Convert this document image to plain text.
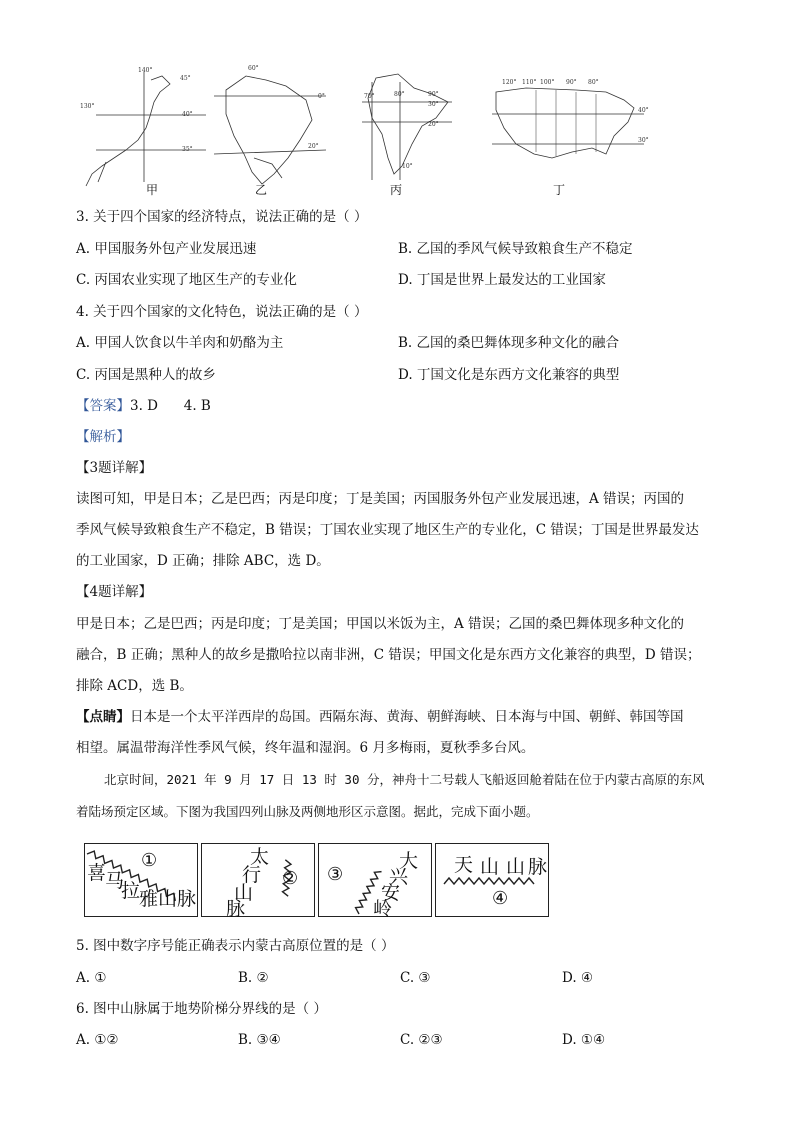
140°
45°
40°
35°
130°
60°
0°
20°
70°	80°	90°
30°
20°
10°
120° 110° 100° 90° 80°
40°
30°
甲	乙	丙	丁
3. 关于四个国家的经济特点，说法正确的是（ ）
A. 甲国服务外包产业发展迅速	B. 乙国的季风气候导致粮食生产不稳定
C. 丙国农业实现了地区生产的专业化	D. 丁国是世界上最发达的工业国家
4. 关于四个国家的文化特色，说法正确的是（ ）
A. 甲国人饮食以牛羊肉和奶酪为主	B. 乙国的桑巴舞体现多种文化的融合
C. 丙国是黑种人的故乡	D. 丁国文化是东西方文化兼容的典型
【答案】3. D      4. B
【解析】
【3题详解】
读图可知，甲是日本；乙是巴西；丙是印度；丁是美国；丙国服务外包产业发展迅速，A 错误；丙国的
季风气候导致粮食生产不稳定，B 错误；丁国农业实现了地区生产的专业化，C 错误；丁国是世界最发达
的工业国家，D 正确；排除 ABC，选 D。
【4题详解】
甲是日本；乙是巴西；丙是印度；丁是美国；甲国以米饭为主，A 错误；乙国的桑巴舞体现多种文化的
融合，B 正确；黑种人的故乡是撒哈拉以南非洲，C 错误；甲国文化是东西方文化兼容的典型，D 错误；
排除 ACD，选 B。
【点睛】日本是一个太平洋西岸的岛国。西隔东海、黄海、朝鲜海峡、日本海与中国、朝鲜、韩国等国
相望。属温带海洋性季风气候，终年温和湿润。6 月多梅雨，夏秋季多台风。
北京时间，2021 年 9 月 17 日 13 时 30 分，神舟十二号载人飞船返回舱着陆在位于内蒙古高原的东风
着陆场预定区域。下图为我国四列山脉及两侧地形区示意图。据此，完成下面小题。
①
喜
马
拉
雅山脉
太
行
山
脉
② ③
大
兴
安
岭
天 山 山 脉
④
5. 图中数字序号能正确表示内蒙古高原位置的是（ ）
A. ①	B. ②	C. ③	D. ④
6. 图中山脉属于地势阶梯分界线的是（ ）
A. ①②	B. ③④	C. ②③	D. ①④
